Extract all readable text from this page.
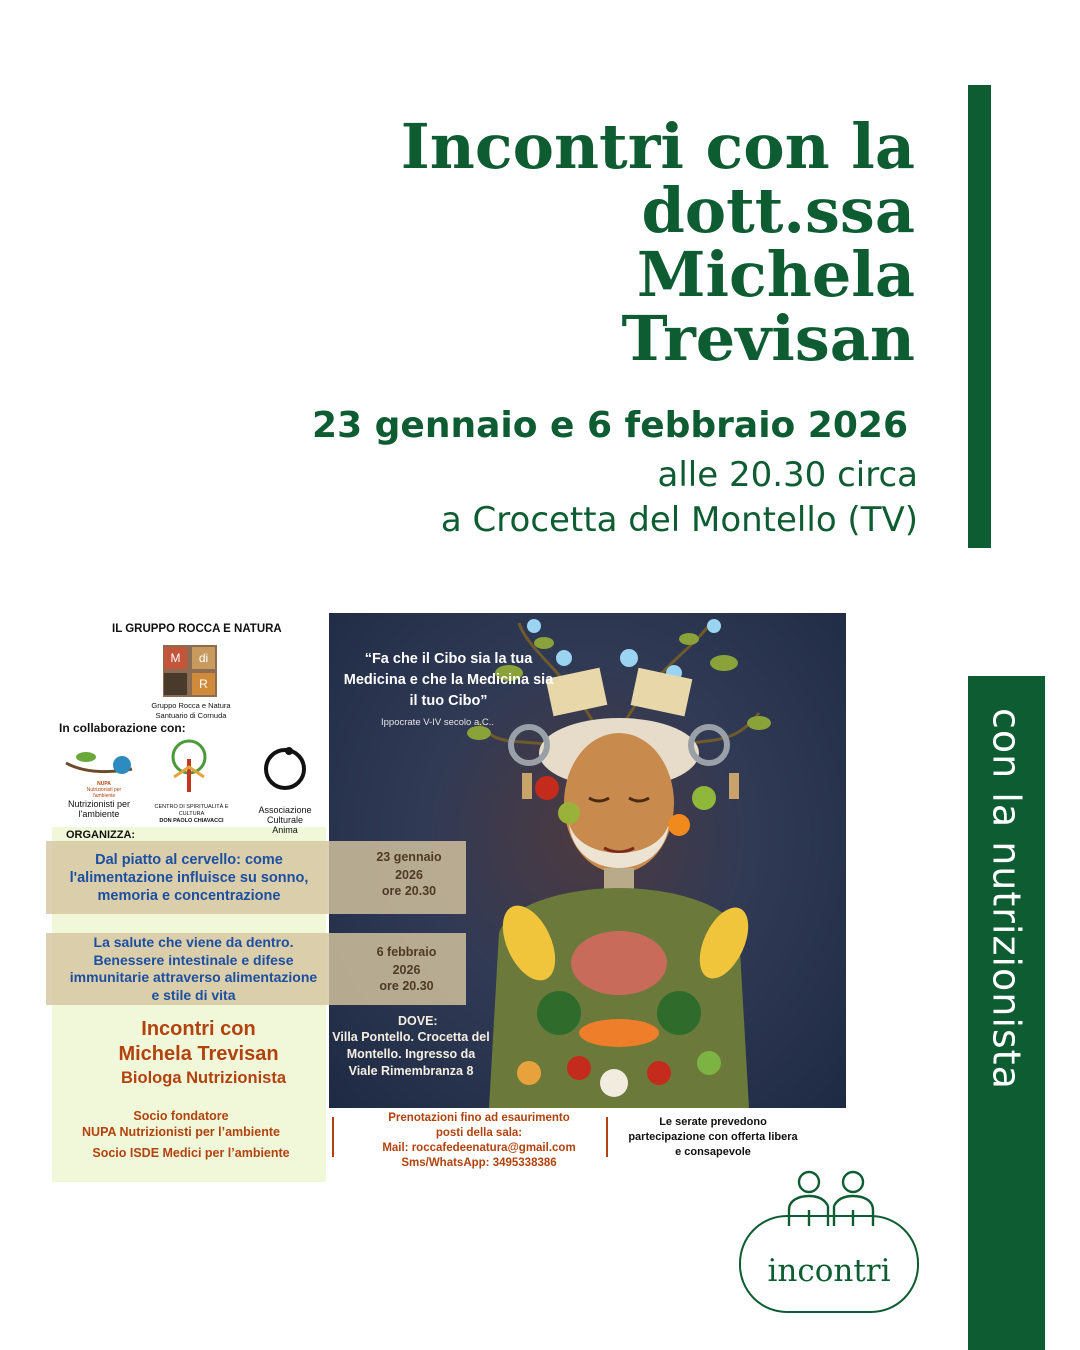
con la nutrizionista
Incontri con la
dott.ssa
Michela
Trevisan
23 gennaio e 6 febbraio 2026
alle 20.30 circa
a Crocetta del Montello (TV)
IL GRUPPO ROCCA E NATURA
M	di
R
Gruppo Rocca e Natura
Santuario di Cornuda
In collaborazione con:
NUPA
Nutrizionisti per l'ambiente
Nutrizionisti per l'ambiente
CENTRO DI SPIRITUALITÀ E CULTURA
DON PAOLO CHIAVACCI
Associazione Culturale Anima
ORGANIZZA:
“Fa che il Cibo sia la tua Medicina e che la Medicina sia il tuo Cibo”
Ippocrate V-IV secolo a.C..
Dal piatto al cervello: come l'alimentazione influisce su sonno, memoria e concentrazione
23 gennaio 2026
ore 20.30
La salute che viene da dentro. Benessere intestinale e difese immunitarie attraverso alimentazione e stile di vita
6 febbraio 2026
ore 20.30
DOVE:
Villa Pontello. Crocetta del Montello. Ingresso da Viale Rimembranza 8
Incontri con
Michela Trevisan
Biologa Nutrizionista
Socio fondatore
NUPA Nutrizionisti per l’ambiente
Socio ISDE Medici per l’ambiente
Prenotazioni fino ad esaurimento
posti della sala:
Mail: roccafedeenatura@gmail.com
Sms/WhatsApp: 3495338386
Le serate prevedono partecipazione con offerta libera e consapevole
incontri
